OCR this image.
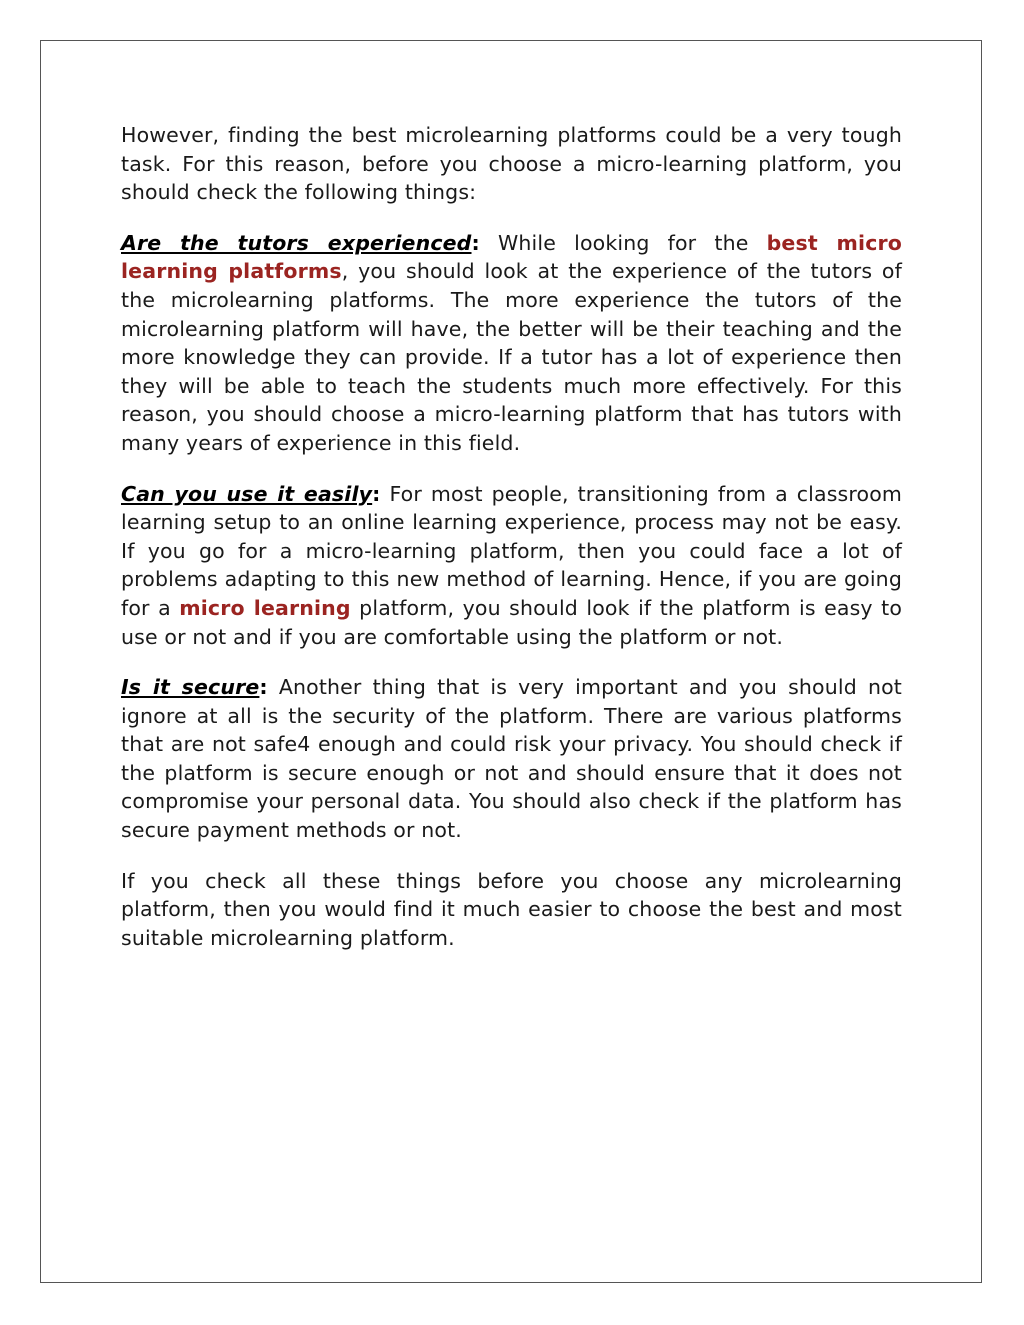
However, finding the best microlearning platforms could be a very tough task. For this reason, before you choose a micro-learning platform, you should check the following things:

Are the tutors experienced: While looking for the best micro learning platforms, you should look at the experience of the tutors of the microlearning platforms. The more experience the tutors of the microlearning platform will have, the better will be their teaching and the more knowledge they can provide. If a tutor has a lot of experience then they will be able to teach the students much more effectively. For this reason, you should choose a micro-learning platform that has tutors with many years of experience in this field.

Can you use it easily: For most people, transitioning from a classroom learning setup to an online learning experience, process may not be easy. If you go for a micro-learning platform, then you could face a lot of problems adapting to this new method of learning. Hence, if you are going for a micro learning platform, you should look if the platform is easy to use or not and if you are comfortable using the platform or not.

Is it secure: Another thing that is very important and you should not ignore at all is the security of the platform. There are various platforms that are not safe4 enough and could risk your privacy. You should check if the platform is secure enough or not and should ensure that it does not compromise your personal data. You should also check if the platform has secure payment methods or not.

If you check all these things before you choose any microlearning platform, then you would find it much easier to choose the best and most suitable microlearning platform.
